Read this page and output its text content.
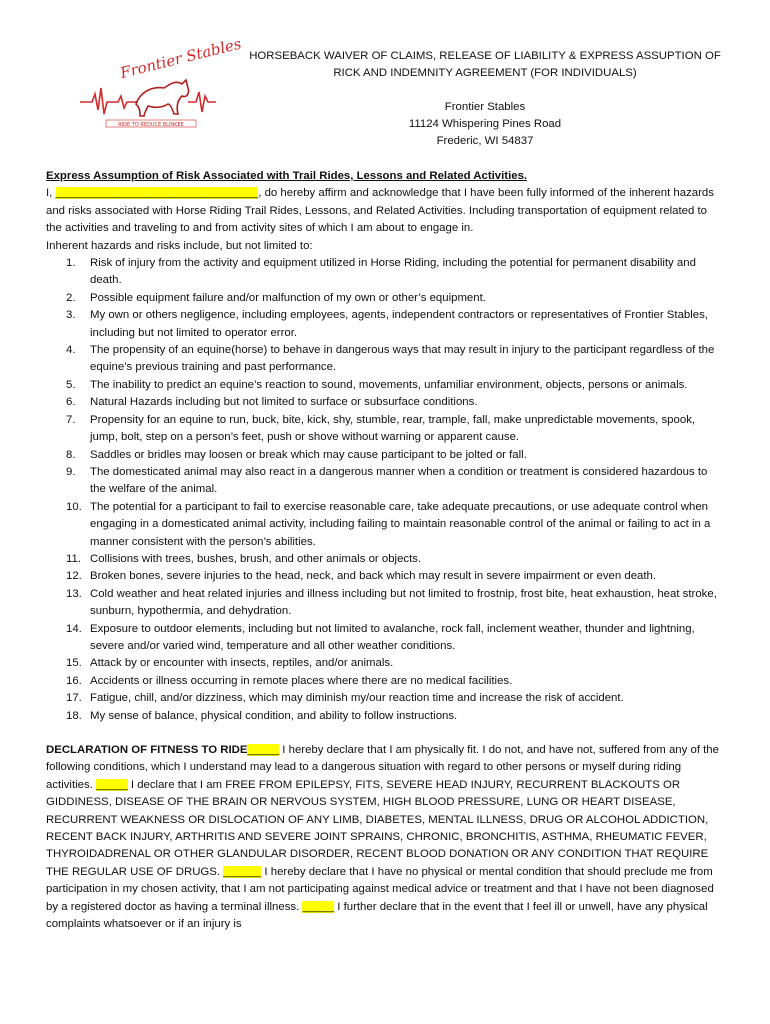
Frontier Stables
RIDE TO REDUCE BLINKEE
HORSEBACK WAIVER OF CLAIMS, RELEASE OF LIABILITY & EXPRESS ASSUPTION OF
RICK AND INDEMNITY AGREEMENT (FOR INDIVIDUALS)
Frontier Stables
11124 Whispering Pines Road
Frederic, WI 54837
Express Assumption of Risk Associated with Trail Rides, Lessons and Related Activities.

I, ________________________________, do hereby affirm and acknowledge that I have been fully informed of the inherent hazards and risks associated with Horse Riding Trail Rides, Lessons, and Related Activities. Including transportation of equipment related to the activities and traveling to and from activity sites of which I am about to engage in.

Inherent hazards and risks include, but not limited to:
1.	Risk of injury from the activity and equipment utilized in Horse Riding, including the potential for permanent disability and death.
2.	Possible equipment failure and/or malfunction of my own or other’s equipment.
3.	My own or others negligence, including employees, agents, independent contractors or representatives of Frontier Stables, including but not limited to operator error.
4.	The propensity of an equine(horse) to behave in dangerous ways that may result in injury to the participant regardless of the equine’s previous training and past performance.
5.	The inability to predict an equine’s reaction to sound, movements, unfamiliar environment, objects, persons or animals.
6.	Natural Hazards including but not limited to surface or subsurface conditions.
7.	Propensity for an equine to run, buck, bite, kick, shy, stumble, rear, trample, fall, make unpredictable movements, spook, jump, bolt, step on a person’s feet, push or shove without warning or apparent cause.
8.	Saddles or bridles may loosen or break which may cause participant to be jolted or fall.
9.	The domesticated animal may also react in a dangerous manner when a condition or treatment is considered hazardous to the welfare of the animal.
10. The potential for a participant to fail to exercise reasonable care, take adequate precautions, or use adequate control when engaging in a domesticated animal activity, including failing to maintain reasonable control of the animal or failing to act in a manner consistent with the person’s abilities.
11. Collisions with trees, bushes, brush, and other animals or objects.
12. Broken bones, severe injuries to the head, neck, and back which may result in severe impairment or even death.
13. Cold weather and heat related injuries and illness including but not limited to frostnip, frost bite, heat exhaustion, heat stroke, sunburn, hypothermia, and dehydration.
14. Exposure to outdoor elements, including but not limited to avalanche, rock fall, inclement weather, thunder and lightning, severe and/or varied wind, temperature and all other weather conditions.
15. Attack by or encounter with insects, reptiles, and/or animals.
16. Accidents or illness occurring in remote places where there are no medical facilities.
17. Fatigue, chill, and/or dizziness, which may diminish my/our reaction time and increase the risk of accident.
18. My sense of balance, physical condition, and ability to follow instructions.

DECLARATION OF FITNESS TO RIDE_____ I hereby declare that I am physically fit. I do not, and have not, suffered from any of the following conditions, which I understand may lead to a dangerous situation with regard to other persons or myself during riding activities. _____ I declare that I am FREE FROM EPILEPSY, FITS, SEVERE HEAD INJURY, RECURRENT BLACKOUTS OR GIDDINESS, DISEASE OF THE BRAIN OR NERVOUS SYSTEM, HIGH BLOOD PRESSURE, LUNG OR HEART DISEASE, RECURRENT WEAKNESS OR DISLOCATION OF ANY LIMB, DIABETES, MENTAL ILLNESS, DRUG OR ALCOHOL ADDICTION, RECENT BACK INJURY, ARTHRITIS AND SEVERE JOINT SPRAINS, CHRONIC, BRONCHITIS, ASTHMA, RHEUMATIC FEVER, THYROIDADRENAL OR OTHER GLANDULAR DISORDER, RECENT BLOOD DONATION OR ANY CONDITION THAT REQUIRE THE REGULAR USE OF DRUGS. ______ I hereby declare that I have no physical or mental condition that should preclude me from participation in my chosen activity, that I am not participating against medical advice or treatment and that I have not been diagnosed by a registered doctor as having a terminal illness. _____ I further declare that in the event that I feel ill or unwell, have any physical complaints whatsoever or if an injury is
